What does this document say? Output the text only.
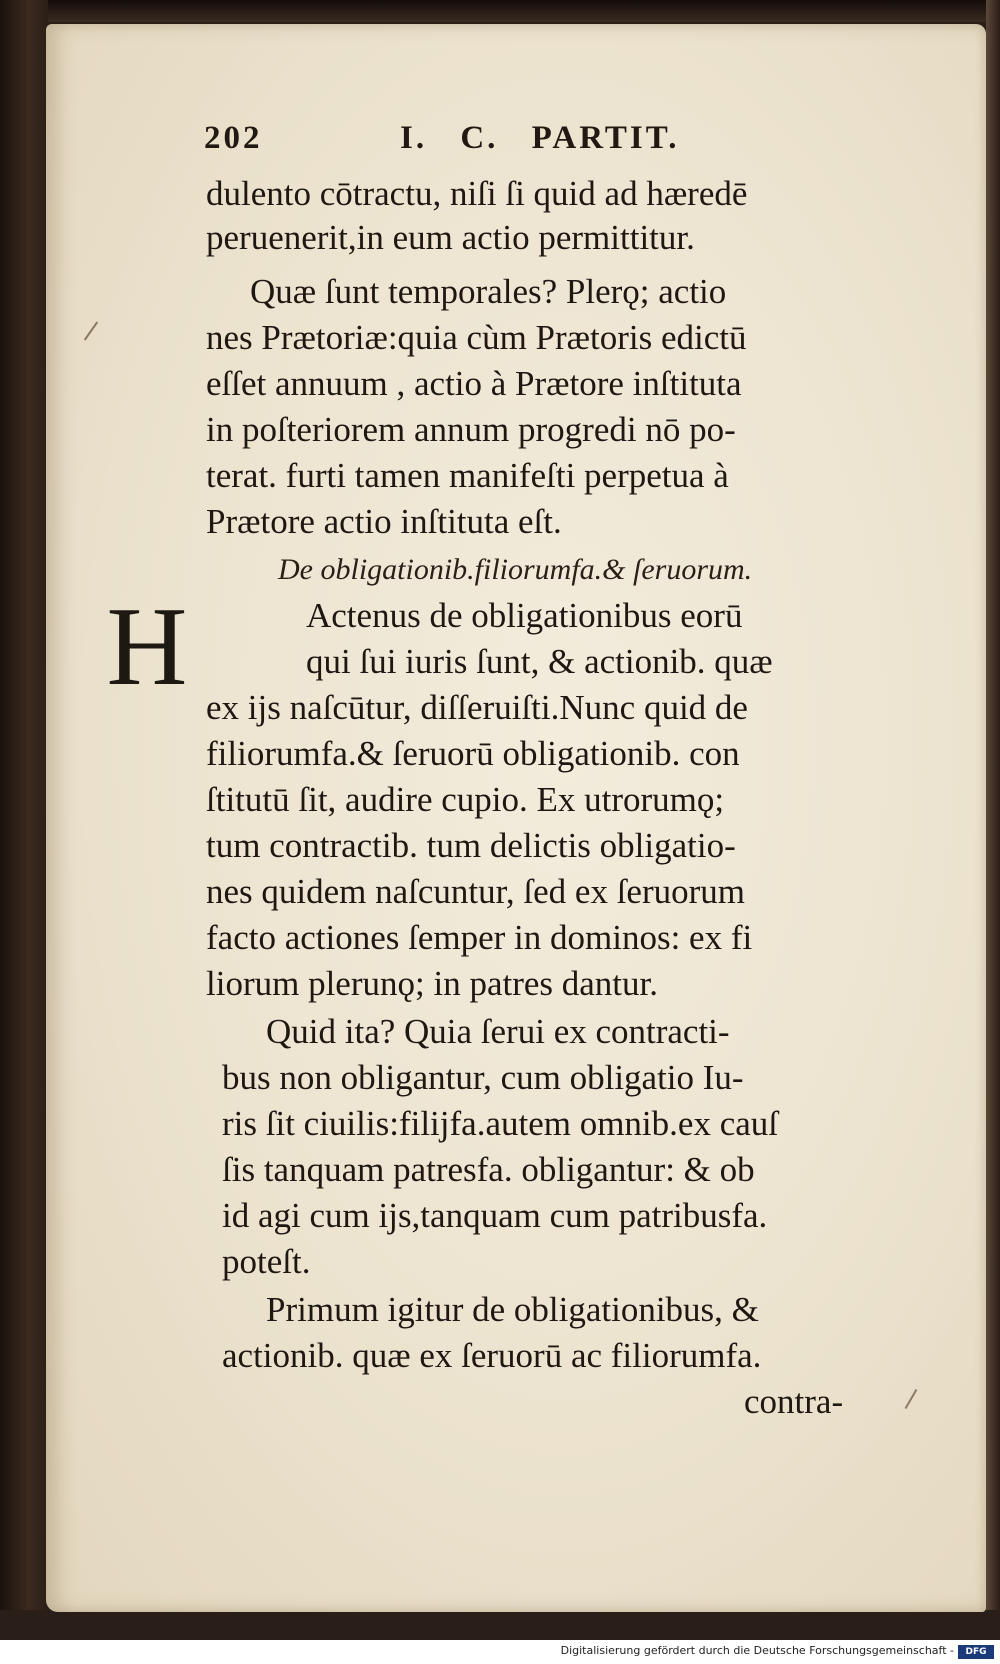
202	I. C. PARTIT.
H
dulento cōtractu, niſi ſi quid ad hæredē
peruenerit,in eum actio permittitur.
Quæ ſunt temporales? Plerǫ; actio
nes Prætoriæ:quia cùm Prætoris edictū
eſſet annuum , actio à Prætore inſtituta
in poſteriorem annum progredi nō po-
terat. furti tamen manifeſti perpetua à
Prætore actio inſtituta eſt.
De obligationib.filiorumfa.& ſeruorum.
Actenus de obligationibus eorū
qui ſui iuris ſunt, & actionib. quæ
ex ijs naſcūtur, diſſeruiſti.Nunc quid de
filiorumfa.& ſeruorū obligationib. con
ſtitutū ſit, audire cupio. Ex utrorumǫ;
tum contractib. tum delictis obligatio-
nes quidem naſcuntur, ſed ex ſeruorum
facto actiones ſemper in dominos: ex fi
liorum plerunǫ; in patres dantur.
Quid ita? Quia ſerui ex contracti-
bus non obligantur, cum obligatio Iu-
ris ſit ciuilis:filijfa.autem omnib.ex cauſ
ſis tanquam patresfa. obligantur: & ob
id agi cum ijs,tanquam cum patribusfa.
poteſt.
Primum igitur de obligationibus, &
actionib. quæ ex ſeruorū ac filiorumfa.
contra-
Digitalisierung gefördert durch die Deutsche Forschungsgemeinschaft -	DFG
